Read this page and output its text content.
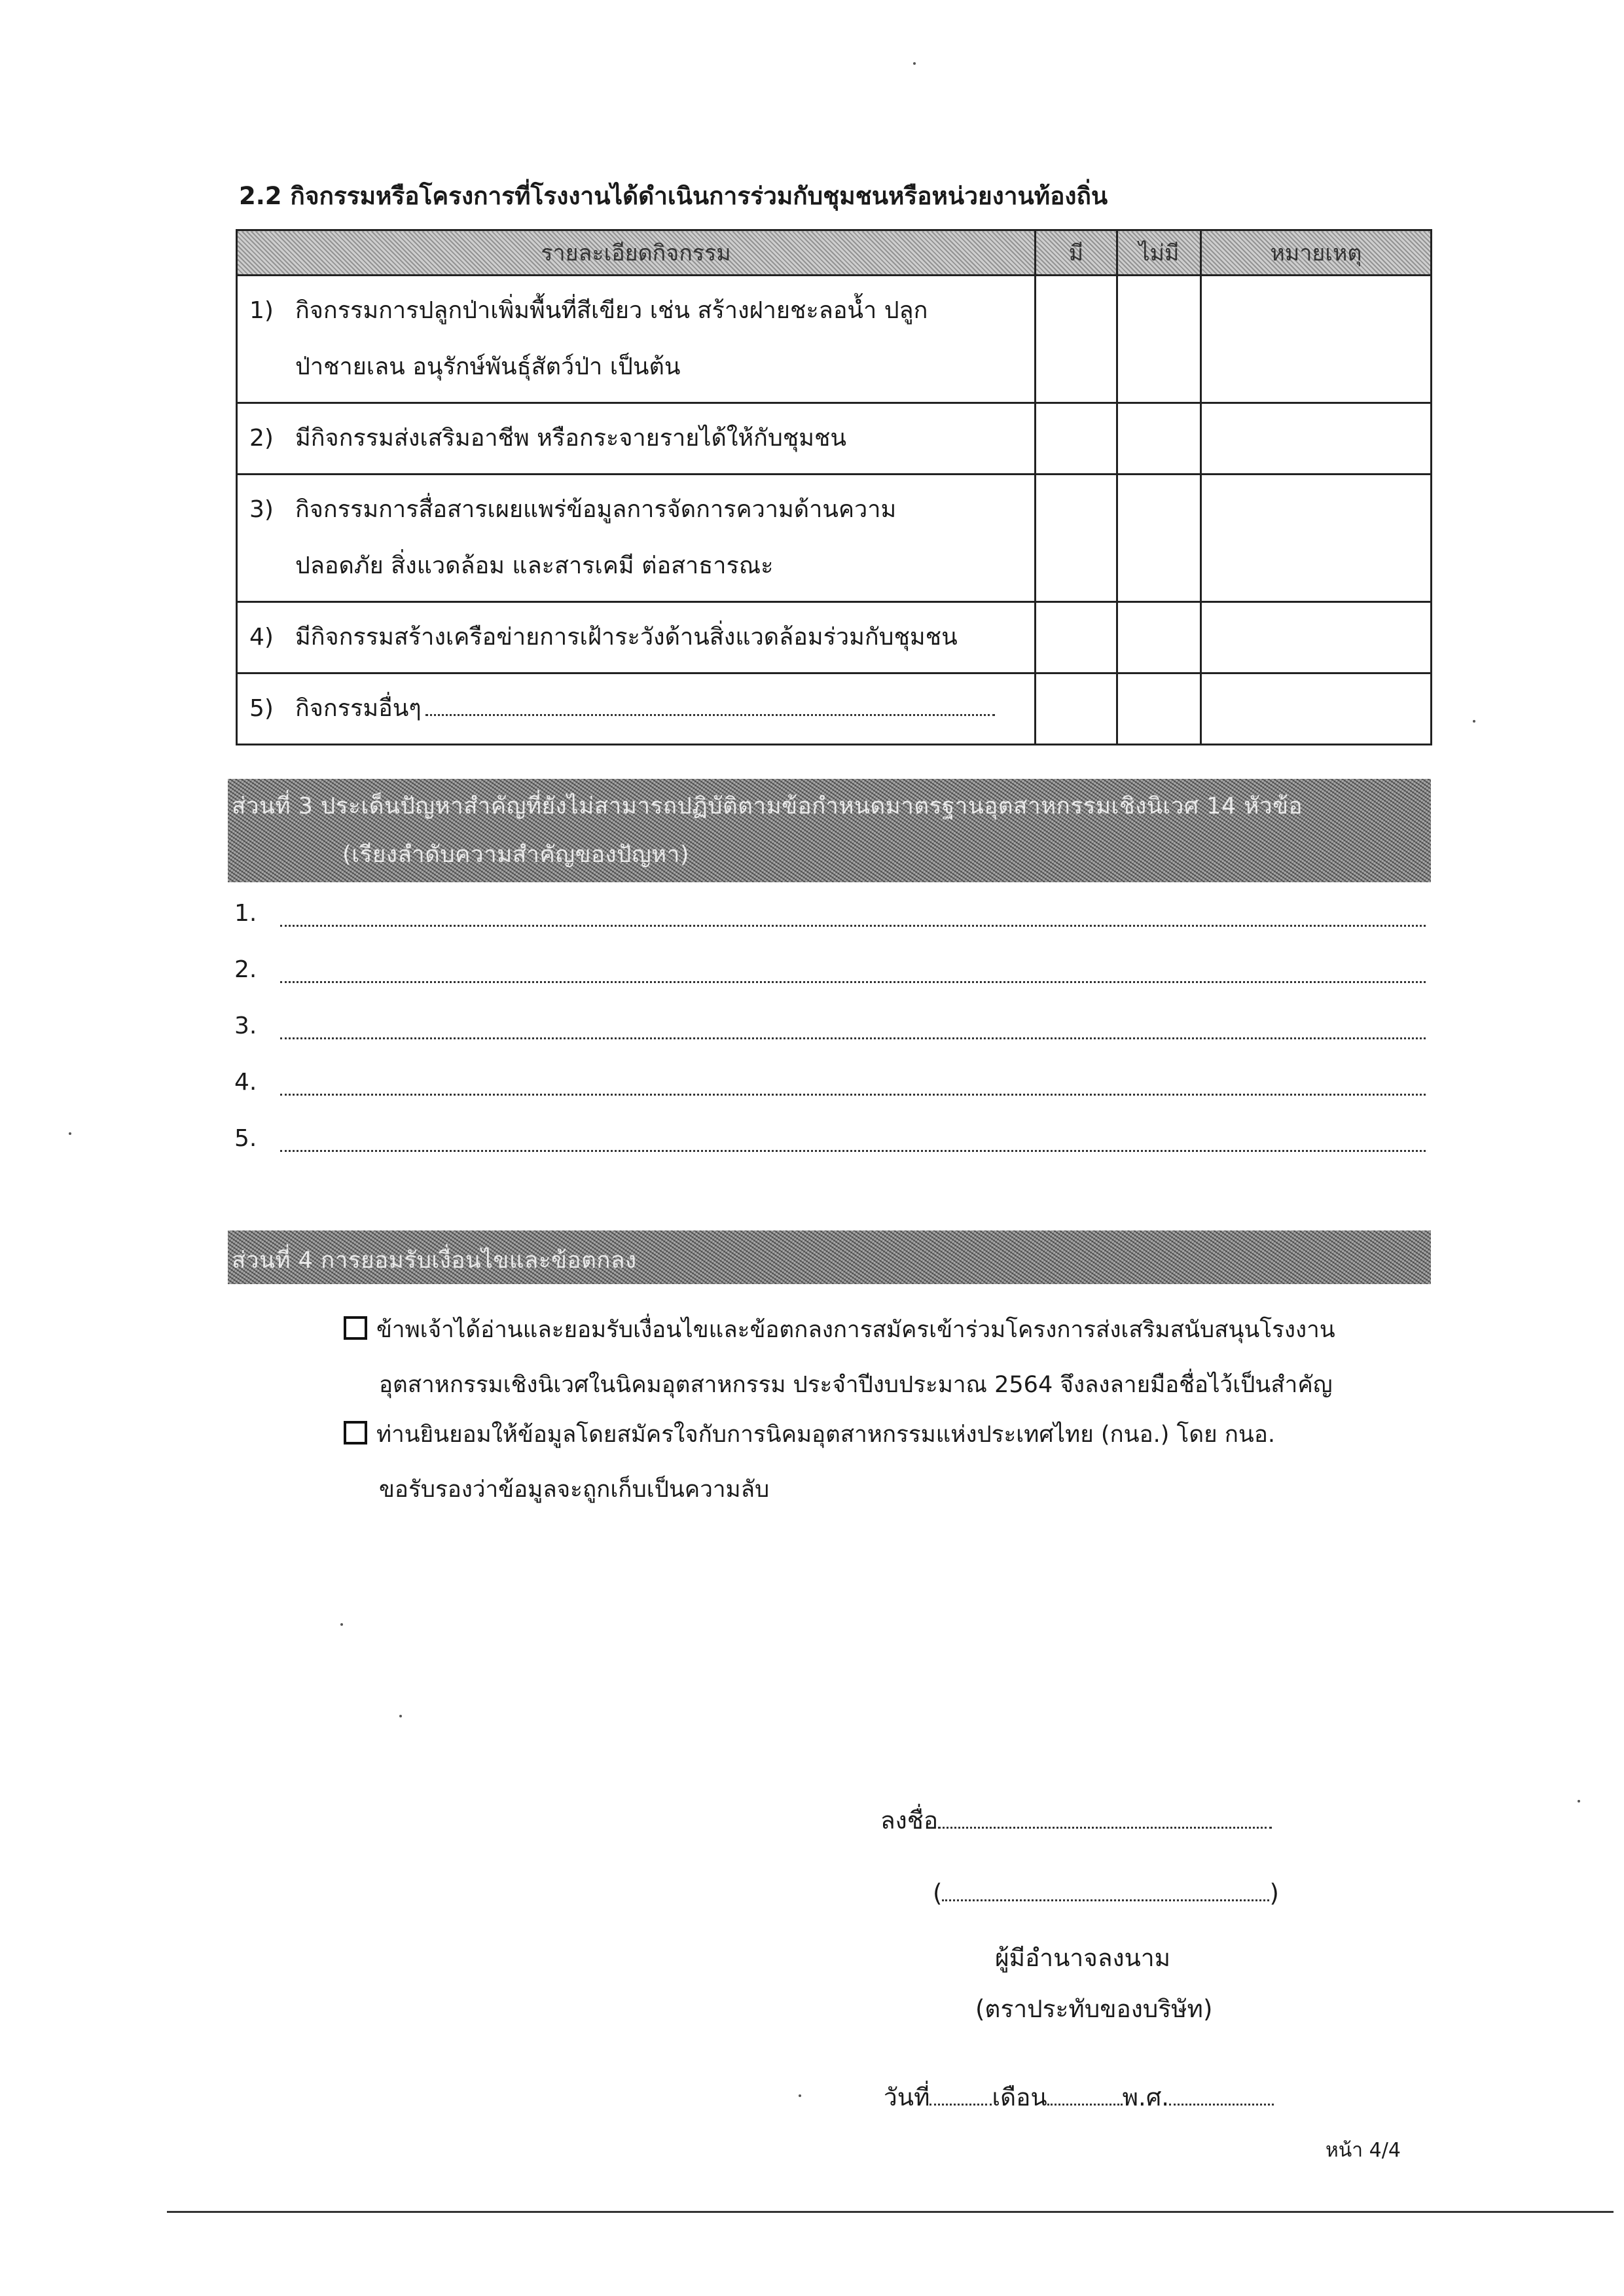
2.2 กิจกรรมหรือโครงการที่โรงงานได้ดำเนินการร่วมกับชุมชนหรือหน่วยงานท้องถิ่น
รายละเอียดกิจกรรม	มี	ไม่มี	หมายเหตุ
1) กิจกรรมการปลูกป่าเพิ่มพื้นที่สีเขียว เช่น สร้างฝายชะลอน้ำ ปลูก
ป่าชายเลน อนุรักษ์พันธุ์สัตว์ป่า เป็นต้น			

2) มีกิจกรรมส่งเสริมอาชีพ หรือกระจายรายได้ให้กับชุมชน			
3) กิจกรรมการสื่อสารเผยแพร่ข้อมูลการจัดการความด้านความ
ปลอดภัย สิ่งแวดล้อม และสารเคมี ต่อสาธารณะ			

4) มีกิจกรรมสร้างเครือข่ายการเฝ้าระวังด้านสิ่งแวดล้อมร่วมกับชุมชน			
5) กิจกรรมอื่นๆ			
ส่วนที่ 3 ประเด็นปัญหาสำคัญที่ยังไม่สามารถปฏิบัติตามข้อกำหนดมาตรฐานอุตสาหกรรมเชิงนิเวศ 14 หัวข้อ
(เรียงลำดับความสำคัญของปัญหา)
1.
2.
3.
4.
5.
ส่วนที่ 4 การยอมรับเงื่อนไขและข้อตกลง
ข้าพเจ้าได้อ่านและยอมรับเงื่อนไขและข้อตกลงการสมัครเข้าร่วมโครงการส่งเสริมสนับสนุนโรงงาน
อุตสาหกรรมเชิงนิเวศในนิคมอุตสาหกรรม ประจำปีงบประมาณ 2564 จึงลงลายมือชื่อไว้เป็นสำคัญ
ท่านยินยอมให้ข้อมูลโดยสมัครใจกับการนิคมอุตสาหกรรมแห่งประเทศไทย (กนอ.) โดย กนอ.
ขอรับรองว่าข้อมูลจะถูกเก็บเป็นความลับ
ลงชื่อ
(	)
ผู้มีอำนาจลงนาม
(ตราประทับของบริษัท)
วันที่	เดือน	พ.ศ.
หน้า 4/4
